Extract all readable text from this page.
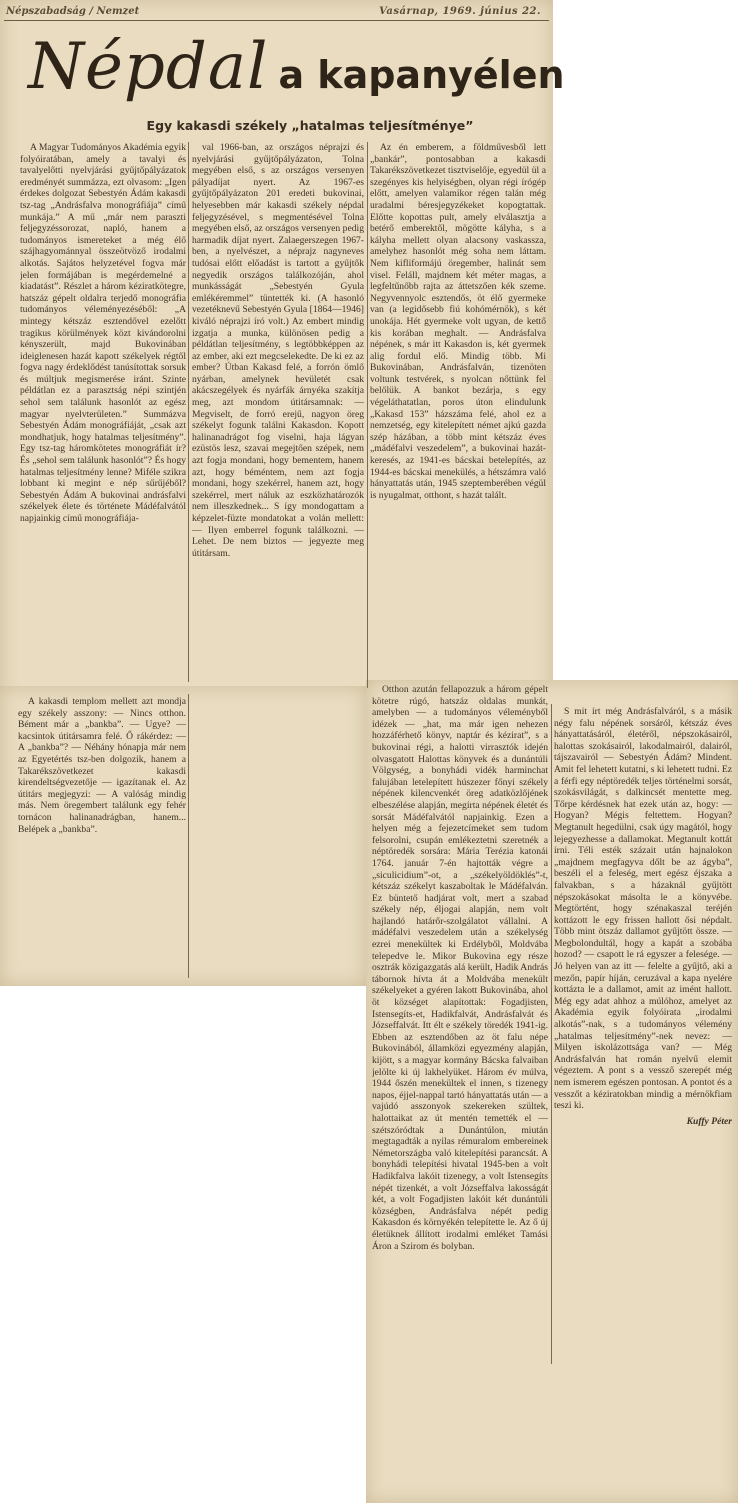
Népszabadság / Nemzet	Vasárnap, 1969. június 22.
Népdal a kapanyélen
Egy kakasdi székely „hatalmas teljesítménye”

A Magyar Tudományos Akadémia egyik folyóiratában, amely a tavalyi és tavalyelőtti nyelvjárási gyűjtőpályázatok eredményét summázza, ezt olvasom: „Igen érdekes dolgozat Sebestyén Ádám kakasdi tsz-tag „Andrásfalva monográfiája” című munkája.” A mű „már nem paraszti feljegyzéssorozat, napló, hanem a tudományos ismereteket a még élő szájhagyománnyal összeötvöző irodalmi alkotás. Sajátos helyzetével fogva már jelen formájában is megérdemelné a kiadatást”. Részlet a három kéziratkötegre, hatszáz gépelt oldalra terjedő monográfia tudományos véleményezéséből: „A mintegy kétszáz esztendővel ezelőtt tragikus körülmények közt kivándorolni kényszerült, majd Bukovinában ideiglenesen hazát kapott székelyek régtől fogva nagy érdeklődést tanúsítottak sorsuk és múltjuk megismerése iránt. Szinte példátlan ez a parasztság népi szintjén sehol sem találunk hasonlót az egész magyar nyelvterületen.” Summázva Sebestyén Ádám monográfiáját, „csak azt mondhatjuk, hogy hatalmas teljesítmény”. Egy tsz-tag háromkötetes monográfiát ír? És „sehol sem találunk hasonlót”? És hogy hatalmas teljesítmény lenne? Miféle szikra lobbant ki megint e nép sűrűjéből? Sebestyén Ádám A bukovinai andrásfalvi székelyek élete és története Mádéfalvától napjainkig című monográfiája-

val 1966-ban, az országos néprajzi és nyelvjárási gyűjtőpályázaton, Tolna megyében első, s az országos versenyen pályadíjat nyert. Az 1967-es gyűjtőpályázaton 201 eredeti bukovinai, helyesebben már kakasdi székely népdal feljegyzésével, s megmentésével Tolna megyében első, az országos versenyen pedig harmadik díjat nyert. Zalaegerszegen 1967-ben, a nyelvészet, a néprajz nagyneves tudósai előtt előadást is tartott a gyűjtők negyedik országos találkozóján, ahol munkásságát „Sebestyén Gyula emlékéremmel” tüntették ki. (A hasonló vezetéknevű Sebestyén Gyula [1864—1946] kiváló néprajzi író volt.) Az embert mindig izgatja a munka, különösen pedig a példátlan teljesítmény, s legtöbbképpen az az ember, aki ezt megcselekedte. De ki ez az ember? Útban Kakasd felé, a forrón ömlő nyárban, amelynek hevületét csak akácszegélyek és nyárfák árnyéka szakítja meg, azt mondom útitársamnak: — Megviselt, de forró erejű, nagyon öreg székelyt fogunk találni Kakasdon. Kopott halinanadrágot fog viselni, haja lágyan ezüstös lesz, szavai megejtően szépek, nem azt fogja mondani, hogy bementem, hanem azt, hogy béméntem, nem azt fogja mondani, hogy szekérrel, hanem azt, hogy szekérrel, mert náluk az eszközhatározók nem illeszkednek... S így mondogattam a képzelet-füzte mondatokat a volán mellett: — Ilyen emberrel fogunk találkozni. — Lehet. De nem biztos — jegyezte meg útitársam.

Az én emberem, a földművesből lett „bankár”, pontosabban a kakasdi Takarékszövetkezet tisztviselője, egyedül ül a szegényes kis helyiségben, olyan régi írógép előtt, amelyen valamikor régen talán még uradalmi béresjegyzékeket kopogtattak. Előtte kopottas pult, amely elválasztja a betérő emberektől, mögötte kályha, s a kályha mellett olyan alacsony vaskassza, amelyhez hasonlót még soha nem láttam. Nem kifliformájú öregember, halinát sem visel. Feláll, majdnem két méter magas, a legfeltűnőbb rajta az áttetszően kék szeme. Negyvennyolc esztendős, öt élő gyermeke van (a legidősebb fiú kohómérnök), s két unokája. Hét gyermeke volt ugyan, de kettő kis korában meghalt. — Andrásfalva népének, s már itt Kakasdon is, két gyermek alig fordul elő. Mindig több. Mi Bukovinában, Andrásfalván, tizenöten voltunk testvérek, s nyolcan nőttünk fel belőlük. A bankot bezárja, s egy végeláthatatlan, poros úton elindulunk „Kakasd 153” házszáma felé, ahol ez a nemzetség, egy kitelepített német ajkú gazda szép házában, a több mint kétszáz éves „mádéfalvi veszedelem”, a bukovinai hazát-keresés, az 1941-es bácskai betelepítés, az 1944-es bácskai menekülés, a hétszámra való hányattatás után, 1945 szeptemberében végül is nyugalmat, otthont, s hazát talált.

A kakasdi templom mellett azt mondja egy székely asszony: — Nincs otthon. Bément már a „bankba”. — Ugye? — kacsintok útitársamra felé. Ő rákérdez: — A „bankba”? — Néhány hónapja már nem az Egyetértés tsz-ben dolgozik, hanem a Takarékszövetkezet kakasdi kirendeltségvezetője — igazítanak el. Az útitárs megjegyzi: — A valóság mindig más. Nem öregembert találunk egy fehér tornácon halinanadrágban, hanem... Belépek a „bankba”.

Otthon azután fellapozzuk a három gépelt kötetre rúgó, hatszáz oldalas munkát, amelyben — a tudományos véleményből idézek — „hat, ma már igen nehezen hozzáférhető könyv, naptár és kézirat”, s a bukovinai régi, a halotti virrasztók idején olvasgatott Halottas könyvek és a dunántúli Völgység, a bonyhádi vidék harminchat falujában letelepített húszezer főnyi székely népének kilencvenkét öreg adatközlőjének elbeszélése alapján, megírta népének életét és sorsát Mádéfalvától napjainkig. Ezen a helyen még a fejezetcímeket sem tudom felsorolni, csupán emlékeztetni szeretnék a néptöredék sorsára: Mária Terézia katonái 1764. január 7-én hajtották végre a „siculicidium”-ot, a „székelyöldöklés”-t, kétszáz székelyt kaszaboltak le Mádéfalván. Ez büntető hadjárat volt, mert a szabad székely nép, éljogai alapján, nem volt hajlandó határőr-szolgálatot vállalni. A mádéfalvi veszedelem után a székelység ezrei menekültek ki Erdélyből, Moldvába telepedve le. Mikor Bukovina egy része osztrák közigazgatás alá került, Hadik András tábornok hívta át a Moldvába menekült székelyeket a gyéren lakott Bukovinába, ahol öt községet alapítottak: Fogadjisten, Istensegíts-et, Hadikfalvát, Andrásfalvát és Józseffalvát. Itt élt e székely töredék 1941-ig. Ebben az esztendőben az öt falu népe Bukovinából, államközi egyezmény alapján, kijött, s a magyar kormány Bácska falvaiban jelölte ki új lakhelyüket. Három év múlva, 1944 őszén menekültek el innen, s tizenegy napos, éjjel-nappal tartó hányattatás után — a vajúdó asszonyok szekereken szültek, halottaikat az út mentén temették el — szétszóródtak a Dunántúlon, miután megtagadták a nyilas rémuralom embereinek Németországba való kitelepítési parancsát. A bonyhádi telepítési hivatal 1945-ben a volt Hadikfalva lakóit tizenegy, a volt Istensegíts népét tizenkét, a volt Józseffalva lakosságát két, a volt Fogadjisten lakóit két dunántúli községben, Andrásfalva népét pedig Kakasdon és környékén telepítette le. Az ő új életüknek állított irodalmi emléket Tamási Áron a Szirom és bolyban.

S mit írt még Andrásfalváról, s a másik négy falu népének sorsáról, kétszáz éves hányattatásáról, életéről, népszokásairól, halottas szokásairól, lakodalmairól, dalairól, tájszavairól — Sebestyén Ádám? Mindent. Amit fel lehetett kutatni, s ki lehetett tudni. Ez a férfi egy néptöredék teljes történelmi sorsát, szokásvilágát, s dalkincsét mentette meg. Tőrpe kérdésnek hat ezek után az, hogy: — Hogyan? Mégis feltettem. Hogyan? Megtanult hegedülni, csak úgy magától, hogy lejegyezhesse a dallamokat. Megtanult kottát írni. Téli esték százait után hajnalokon „majdnem megfagyva dőlt be az ágyba”, beszéli el a feleség, mert egész éjszaka a falvakban, s a házaknál gyűjtött népszokásokat másolta le a könyvébe. Megtörtént, hogy szénakaszal teréjén kottázott le egy frissen hallott ősi népdalt. Több mint ötszáz dallamot gyűjtött össze. — Megbolondultál, hogy a kapát a szobába hozod? — csapott le rá egyszer a felesége. — Jó helyen van az itt — felelte a gyűjtő, aki a mezőn, papír híján, ceruzával a kapa nyelére kottázta le a dallamot, amit az imént hallott. Még egy adat ahhoz a múlóhoz, amelyet az Akadémia egyik folyóirata „irodalmi alkotás”-nak, s a tudományos vélemény „hatalmas teljesítmény”-nek nevez: — Milyen iskolázottsága van? — Még Andrásfalván hat román nyelvű elemit végeztem. A pont s a vessző szerepét még nem ismerem egészen pontosan. A pontot és a vesszőt a kéziratokban mindig a mérnökfiam teszi ki.

Kuffy Péter
